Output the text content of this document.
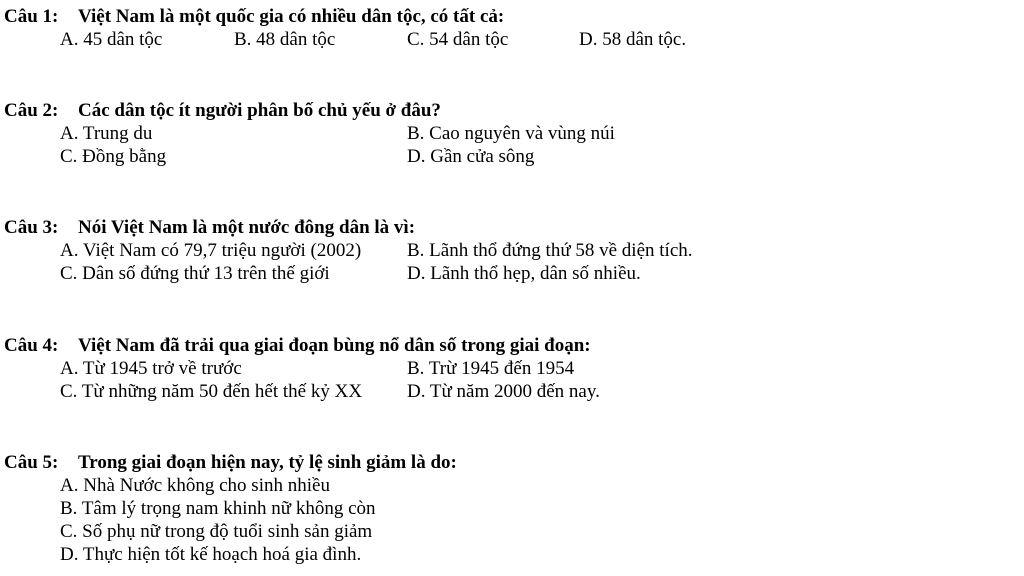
Câu 1: Việt Nam là một quốc gia có nhiều dân tộc, có tất cả:
A. 45 dân tộc	B. 48 dân tộc	C. 54 dân tộc	D. 58 dân tộc.
Câu 2: Các dân tộc ít người phân bố chủ yếu ở đâu?
A. Trung du	B. Cao nguyên và vùng núi
C. Đồng bằng	D. Gần cửa sông
Câu 3: Nói Việt Nam là một nước đông dân là vì:
A. Việt Nam có 79,7 triệu người (2002) B. Lãnh thổ đứng thứ 58 về diện tích.
C. Dân số đứng thứ 13 trên thế giới	D. Lãnh thổ hẹp, dân số nhiều.
Câu 4: Việt Nam đã trải qua giai đoạn bùng nổ dân số trong giai đoạn:
A. Từ 1945 trở về trước	B. Trừ 1945 đến 1954
C. Từ những năm 50 đến hết thế kỷ XX D. Từ năm 2000 đến nay.
Câu 5: Trong giai đoạn hiện nay, tỷ lệ sinh giảm là do:
A. Nhà Nước không cho sinh nhiều
B. Tâm lý trọng nam khinh nữ không còn
C. Số phụ nữ trong độ tuổi sinh sản giảm
D. Thực hiện tốt kế hoạch hoá gia đình.
